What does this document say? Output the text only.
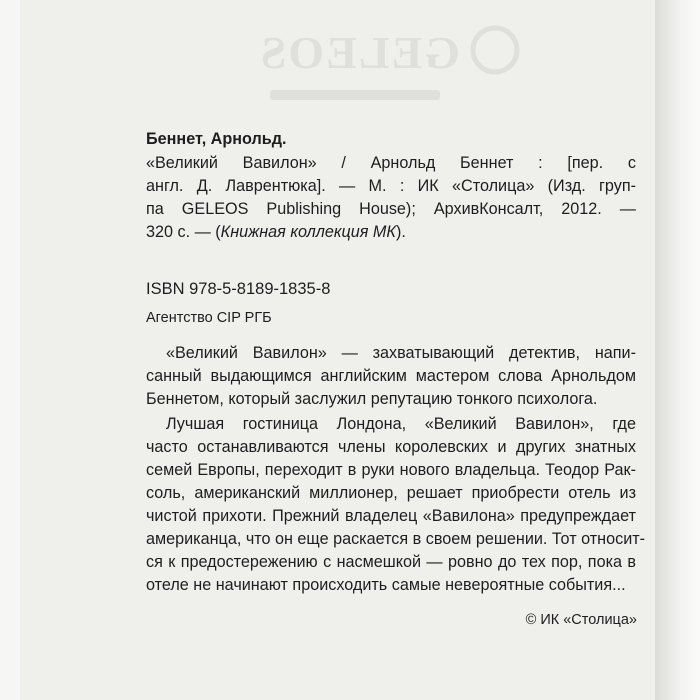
Беннет, Арнольд.
«Великий Вавилон» / Арнольд Беннет : [пер. с
англ. Д. Лаврентюка]. — М. : ИК «Столица» (Изд. груп-
па GELEOS Publishing House); АрхивКонсалт, 2012. —
320 с. — (Книжная коллекция МК).
ISBN 978-5-8189-1835-8
Агентство CIP РГБ

«Великий Вавилон» — захватывающий детектив, напи-
санный выдающимся английским мастером слова Арнольдом
Беннетом, который заслужил репутацию тонкого психолога.

Лучшая гостиница Лондона, «Великий Вавилон», где
часто останавливаются члены королевских и других знатных
семей Европы, переходит в руки нового владельца. Теодор Рак-
соль, американский миллионер, решает приобрести отель из
чистой прихоти. Прежний владелец «Вавилона» предупреждает
американца, что он еще раскается в своем решении. Тот относит-
ся к предостережению с насмешкой — ровно до тех пор, пока в
отеле не начинают происходить самые невероятные события...

© ИК «Столица»
